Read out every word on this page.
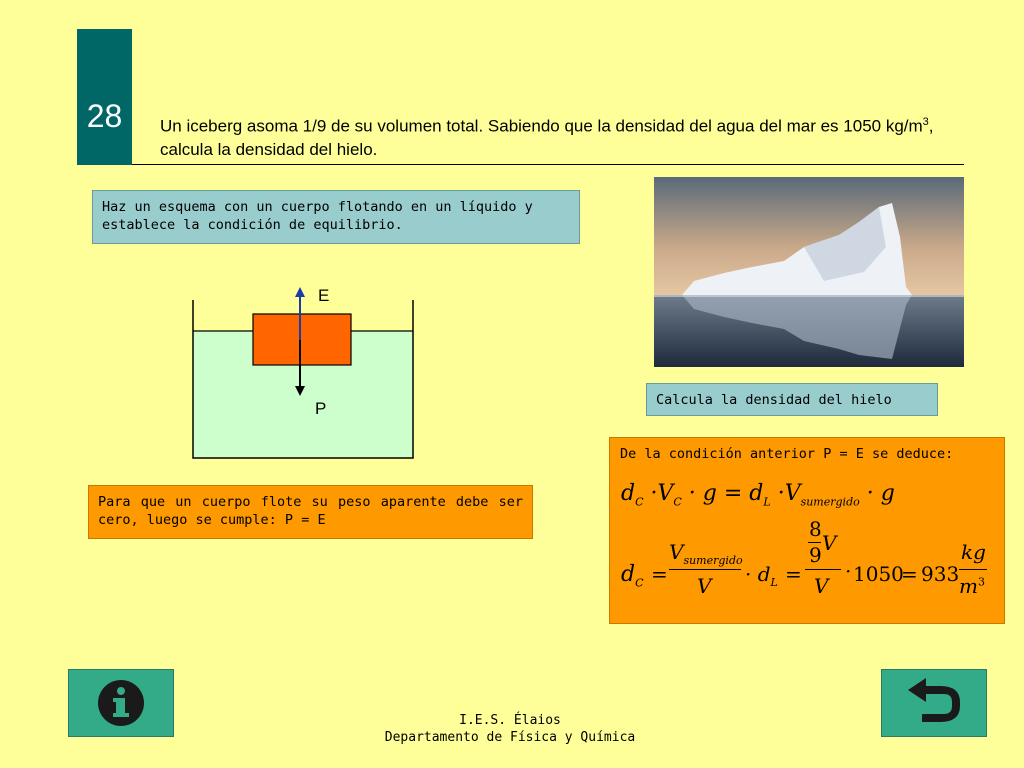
28	Un iceberg asoma 1/9 de su volumen total. Sabiendo que la densidad del agua del mar es 1050 $kg/m^3$, calcula la densidad del hielo.
Haz un esquema con un cuerpo flotando en un líquido y establece la condición de equilibrio.
Calcula la densidad del hielo
Para que un cuerpo flote su peso aparente debe ser cero, luego se cumple: P = E
E
P
De la condición anterior P = E se deduce:
$d_C \cdot V_C \cdot g = d_L \cdot V_{sumergido} \cdot g$
$d_C$ =
$V_{sumergido}$
$V \cdot d_L$ =
8
9 V
V
· 1050
= 933
kg
$m^3$
I.E.S. Élaios
Departamento de Física y Química
